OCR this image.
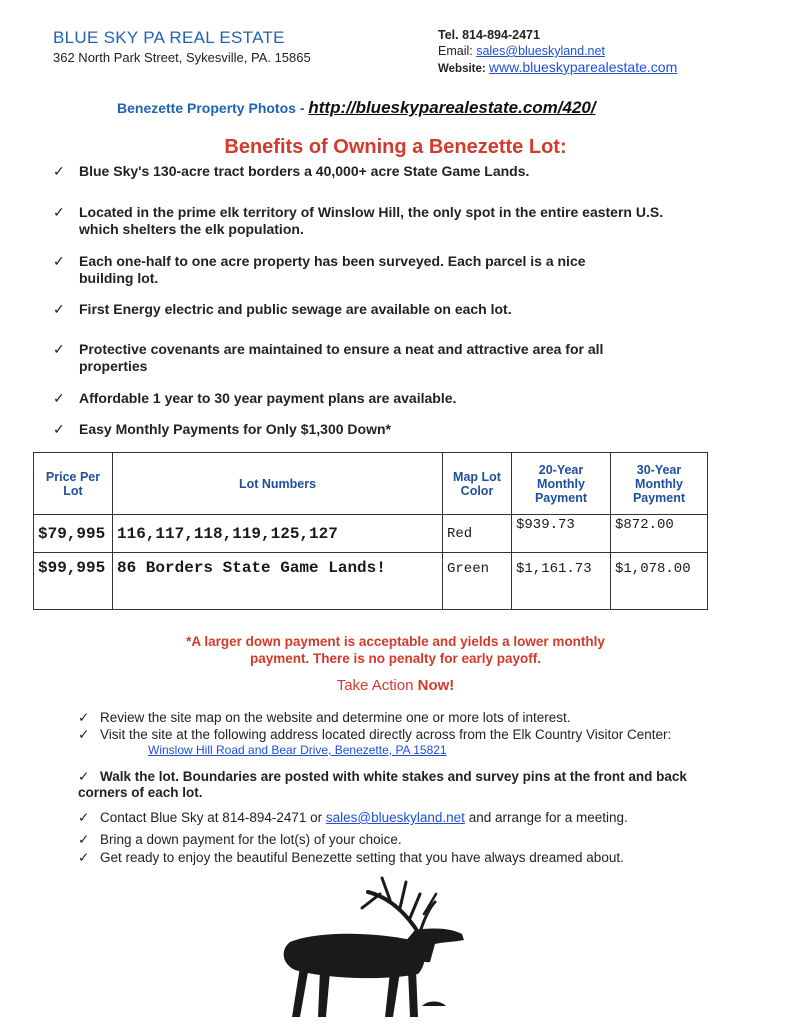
BLUE SKY PA REAL ESTATE
362 North Park Street, Sykesville, PA. 15865
Tel. 814-894-2471
Email: sales@blueskyland.net
Website: www.blueskyparealestate.com
Benezette Property Photos - http://blueskyparealestate.com/420/
Benefits of Owning a Benezette Lot:
✓ Blue Sky's 130-acre tract borders a 40,000+ acre State Game Lands.
✓ Located in the prime elk territory of Winslow Hill, the only spot in the entire eastern U.S. which shelters the elk population.
✓ Each one-half to one acre property has been surveyed. Each parcel is a nice building lot.
✓ First Energy electric and public sewage are available on each lot.
✓ Protective covenants are maintained to ensure a neat and attractive area for all properties
✓ Affordable 1 year to 30 year payment plans are available.
✓ Easy Monthly Payments for Only $1,300 Down*
Price Per Lot	Lot Numbers	Map Lot Color	20-Year Monthly Payment	30-Year Monthly Payment
$79,995	116,117,118,119,125,127	Red	$939.73	$872.00
$99,995	86 Borders State Game Lands!	Green	$1,161.73	$1,078.00
*A larger down payment is acceptable and yields a lower monthly payment. There is no penalty for early payoff.
Take Action Now!
✓ Review the site map on the website and determine one or more lots of interest.
✓ Visit the site at the following address located directly across from the Elk Country Visitor Center:
Winslow Hill Road and Bear Drive, Benezette, PA 15821
✓ Walk the lot. Boundaries are posted with white stakes and survey pins at the front and back corners of each lot.
✓ Contact Blue Sky at 814-894-2471 or sales@blueskyland.net and arrange for a meeting.
✓ Bring a down payment for the lot(s) of your choice.
✓ Get ready to enjoy the beautiful Benezette setting that you have always dreamed about.
